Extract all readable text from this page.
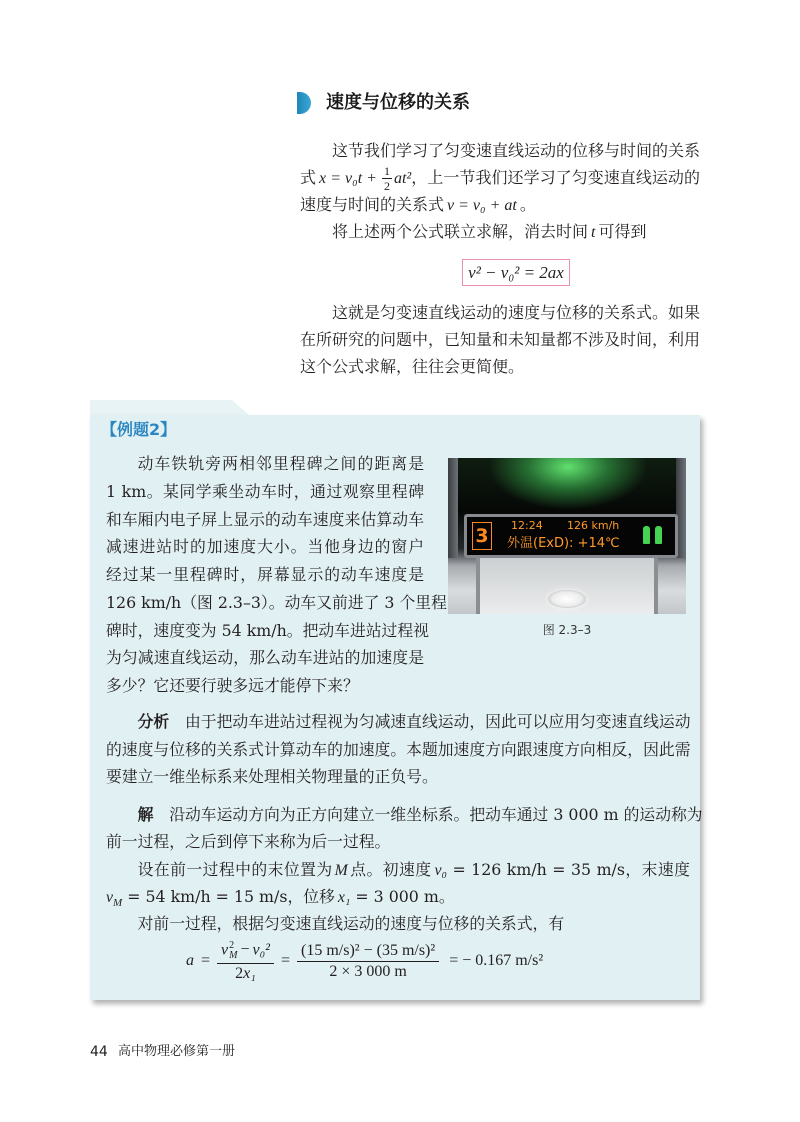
速度与位移的关系
这节我们学习了匀变速直线运动的位移与时间的关系
式 $x = v_0t + \frac{1}{2} at^2$，上一节我们还学习了匀变速直线运动的
速度与时间的关系式 v = v₀ + at 。
将上述两个公式联立求解，消去时间 t 可得到
v² − v₀² = 2ax
这就是匀变速直线运动的速度与位移的关系式。如果
在所研究的问题中，已知量和未知量都不涉及时间，利用
这个公式求解，往往会更简便。
【例题2】
动车铁轨旁两相邻里程碑之间的距离是
1 km。某同学乘坐动车时，通过观察里程碑
和车厢内电子屏上显示的动车速度来估算动车
减速进站时的加速度大小。当他身边的窗户
经过某一里程碑时，屏幕显示的动车速度是
126 km/h（图 2.3–3）。动车又前进了 3 个里程
碑时，速度变为 54 km/h。把动车进站过程视
为匀减速直线运动，那么动车进站的加速度是
多少？它还要行驶多远才能停下来？
3	12:24 126 km/h
外温(ExD): +14℃
图 2.3–3
分析 由于把动车进站过程视为匀减速直线运动，因此可以应用匀变速直线运动
的速度与位移的关系式计算动车的加速度。本题加速度方向跟速度方向相反，因此需
要建立一维坐标系来处理相关物理量的正负号。
解 沿动车运动方向为正方向建立一维坐标系。把动车通过 3 000 m 的运动称为
前一过程，之后到停下来称为后一过程。
设在前一过程中的末位置为 M 点。初速度 v₀ = 126 km/h = 35 m/s，末速度
$v_M = 54$ km/h = 15 m/s，位移 x₁ = 3 000 m。
对前一过程，根据匀变速直线运动的速度与位移的关系式，有
a = v 2
M − v₀²
$2x_1 = \frac{\text{(15 m/s)² − (35 m/s)²}}{2 \times 3 000 m}$ = − 0.167 m/s²
44 高中物理必修第一册
